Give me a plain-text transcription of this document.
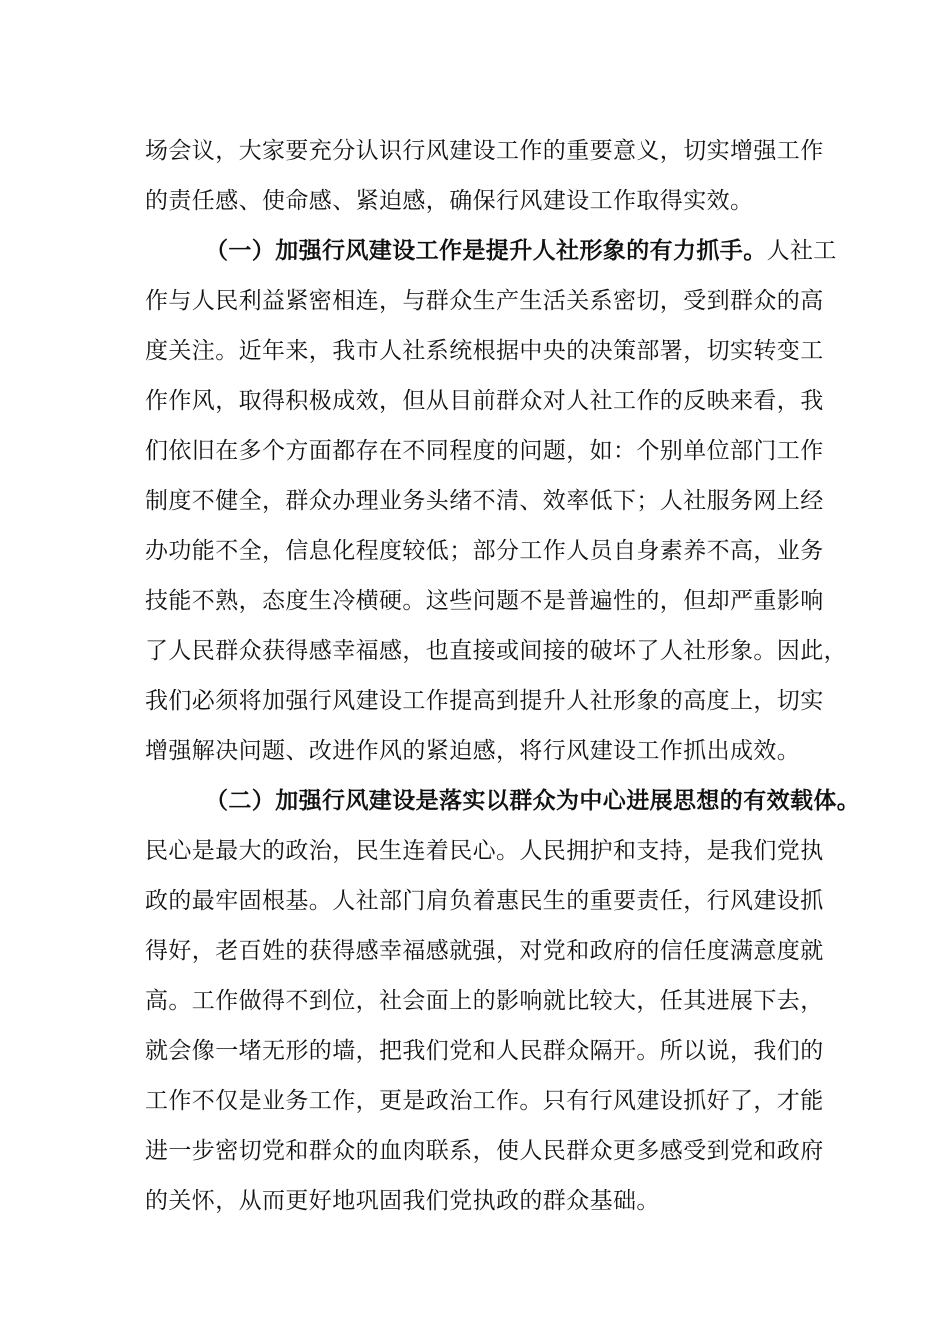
场会议，大家要充分认识行风建设工作的重要意义，切实增强工作
的责任感、使命感、紧迫感，确保行风建设工作取得实效。
（一）加强行风建设工作是提升人社形象的有力抓手。人社工
作与人民利益紧密相连，与群众生产生活关系密切，受到群众的高
度关注。近年来，我市人社系统根据中央的决策部署，切实转变工
作作风，取得积极成效，但从目前群众对人社工作的反映来看，我
们依旧在多个方面都存在不同程度的问题，如：个别单位部门工作
制度不健全，群众办理业务头绪不清、效率低下；人社服务网上经
办功能不全，信息化程度较低；部分工作人员自身素养不高，业务
技能不熟，态度生冷横硬。这些问题不是普遍性的，但却严重影响
了人民群众获得感幸福感，也直接或间接的破坏了人社形象。因此，
我们必须将加强行风建设工作提高到提升人社形象的高度上，切实
增强解决问题、改进作风的紧迫感，将行风建设工作抓出成效。
（二）加强行风建设是落实以群众为中心进展思想的有效载体。
民心是最大的政治，民生连着民心。人民拥护和支持，是我们党执
政的最牢固根基。人社部门肩负着惠民生的重要责任，行风建设抓
得好，老百姓的获得感幸福感就强，对党和政府的信任度满意度就
高。工作做得不到位，社会面上的影响就比较大，任其进展下去，
就会像一堵无形的墙，把我们党和人民群众隔开。所以说，我们的
工作不仅是业务工作，更是政治工作。只有行风建设抓好了，才能
进一步密切党和群众的血肉联系，使人民群众更多感受到党和政府
的关怀，从而更好地巩固我们党执政的群众基础。
